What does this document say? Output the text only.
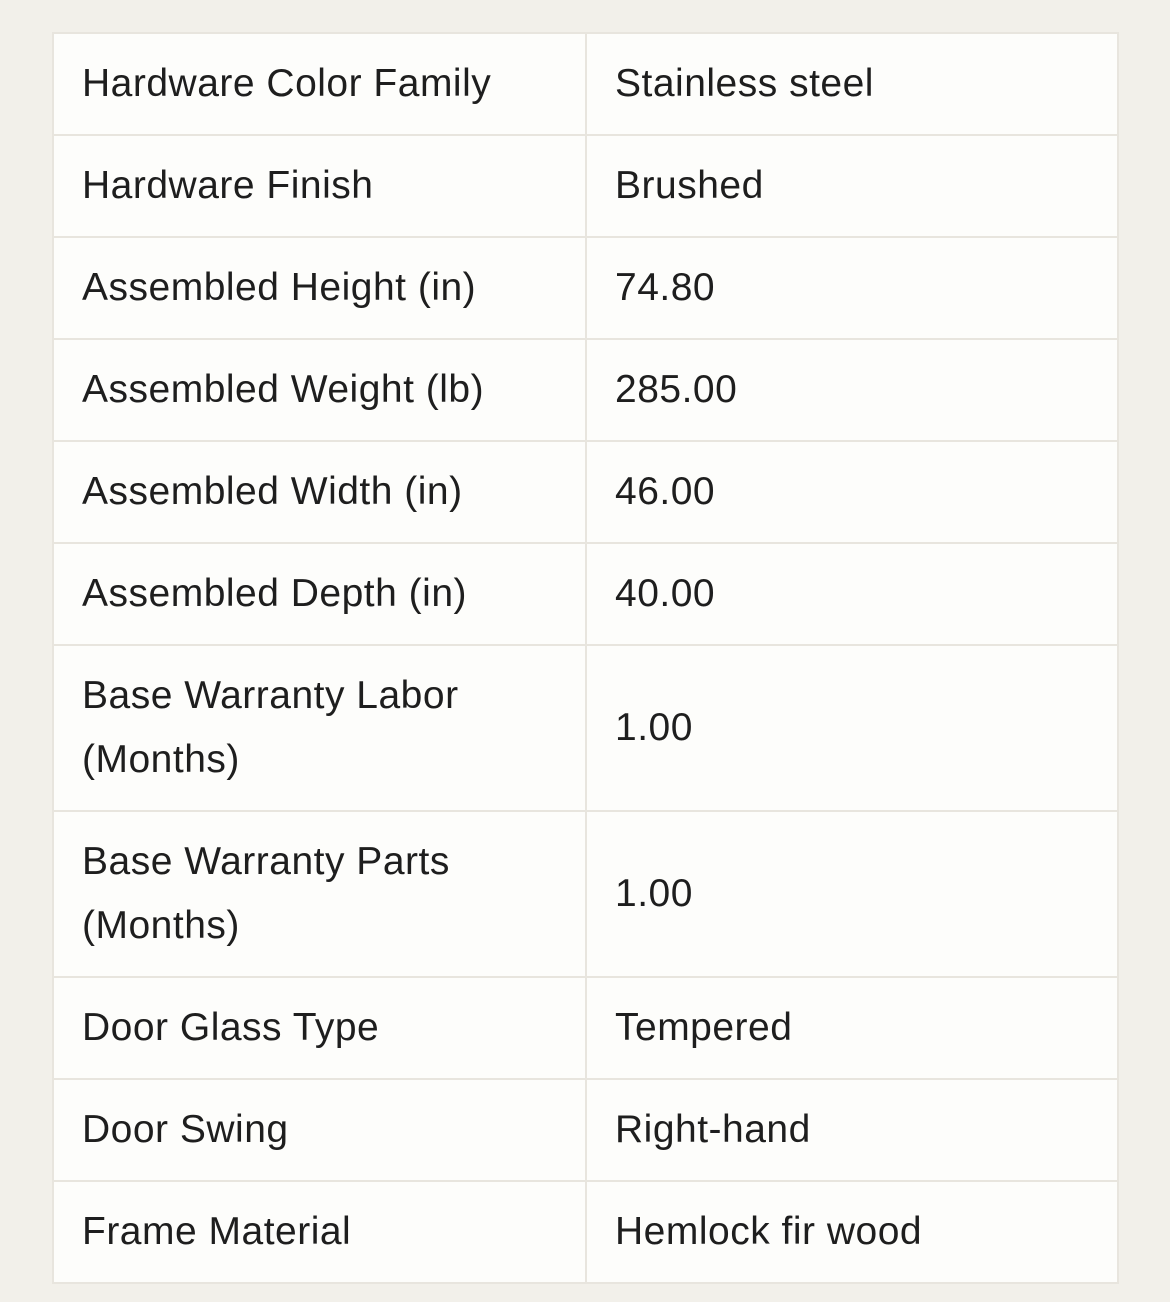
Hardware Color Family	Stainless steel
Hardware Finish	Brushed
Assembled Height (in)	74.80
Assembled Weight (lb)	285.00
Assembled Width (in)	46.00
Assembled Depth (in)	40.00
Base Warranty Labor (Months)	1.00
Base Warranty Parts (Months)	1.00
Door Glass Type	Tempered
Door Swing	Right-hand
Frame Material	Hemlock fir wood
